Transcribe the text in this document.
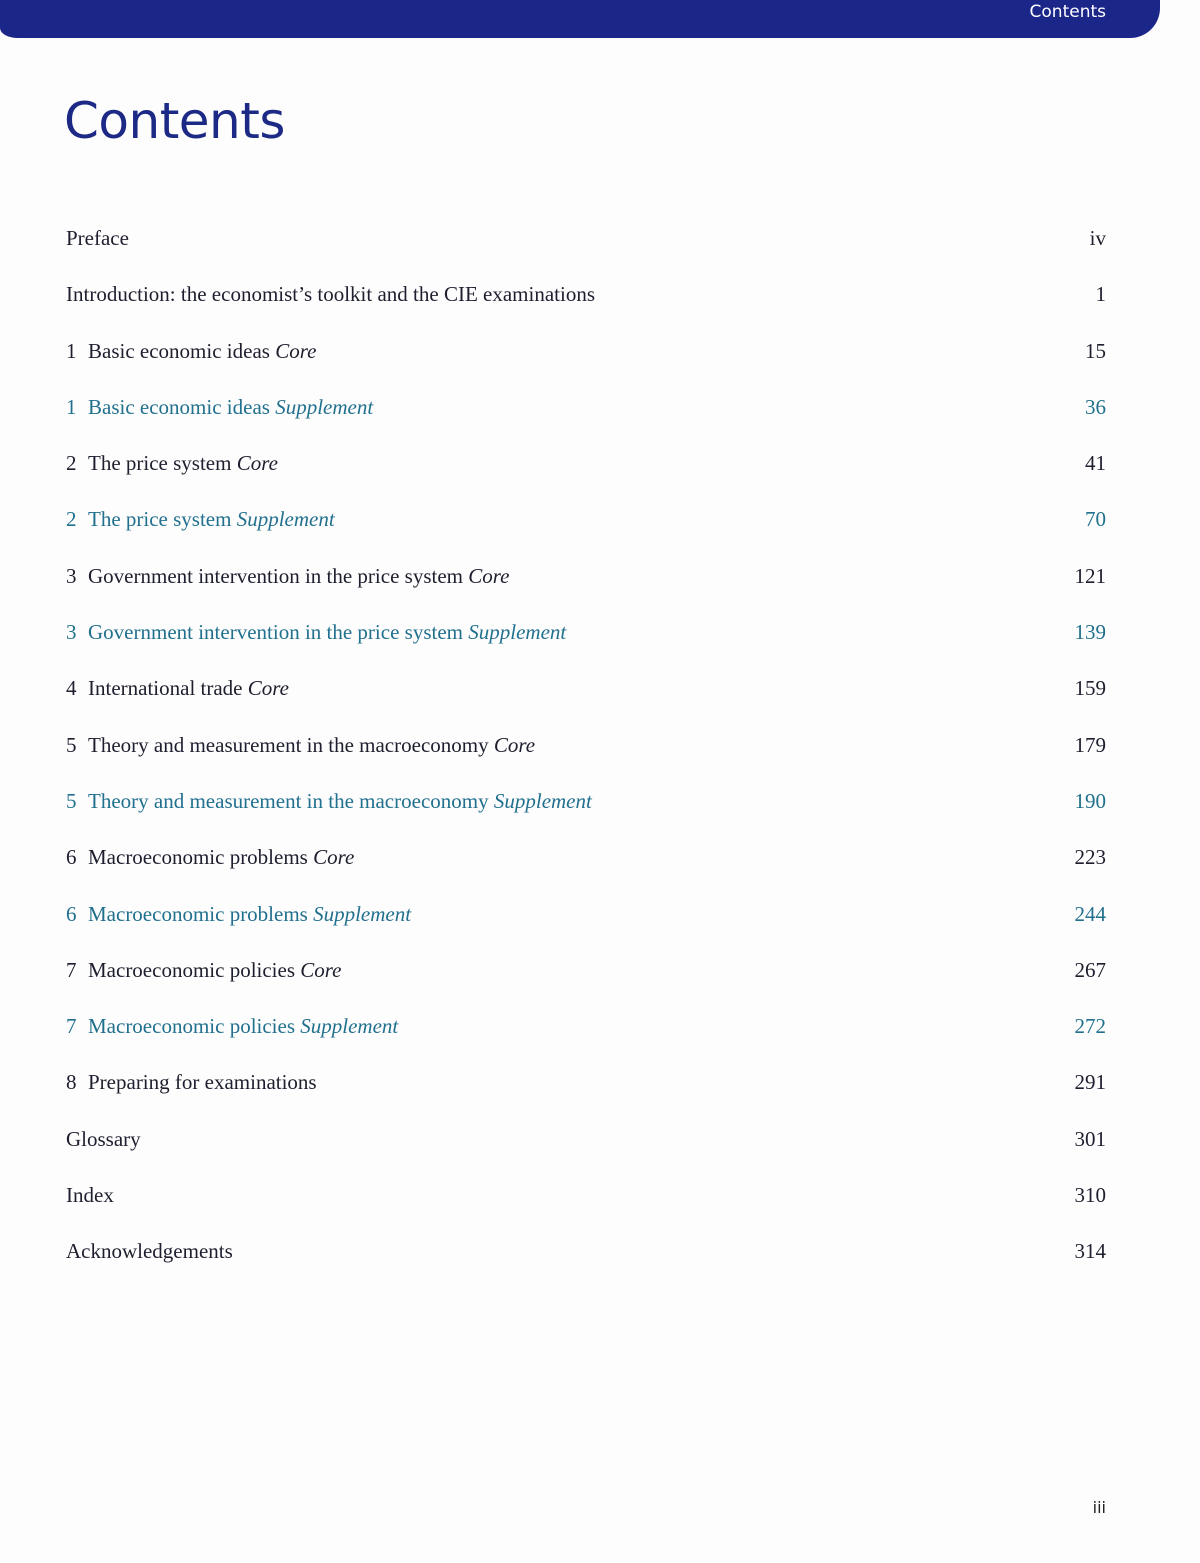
Contents
Contents
Preface	iv
Introduction: the economist’s toolkit and the CIE examinations	1
1 Basic economic ideas Core	15
1 Basic economic ideas Supplement	36
2 The price system Core	41
2 The price system Supplement	70
3 Government intervention in the price system Core	121
3 Government intervention in the price system Supplement	139
4 International trade Core	159
5 Theory and measurement in the macroeconomy Core	179
5 Theory and measurement in the macroeconomy Supplement	190
6 Macroeconomic problems Core	223
6 Macroeconomic problems Supplement	244
7 Macroeconomic policies Core	267
7 Macroeconomic policies Supplement	272
8 Preparing for examinations	291
Glossary	301
Index	310
Acknowledgements	314
iii
